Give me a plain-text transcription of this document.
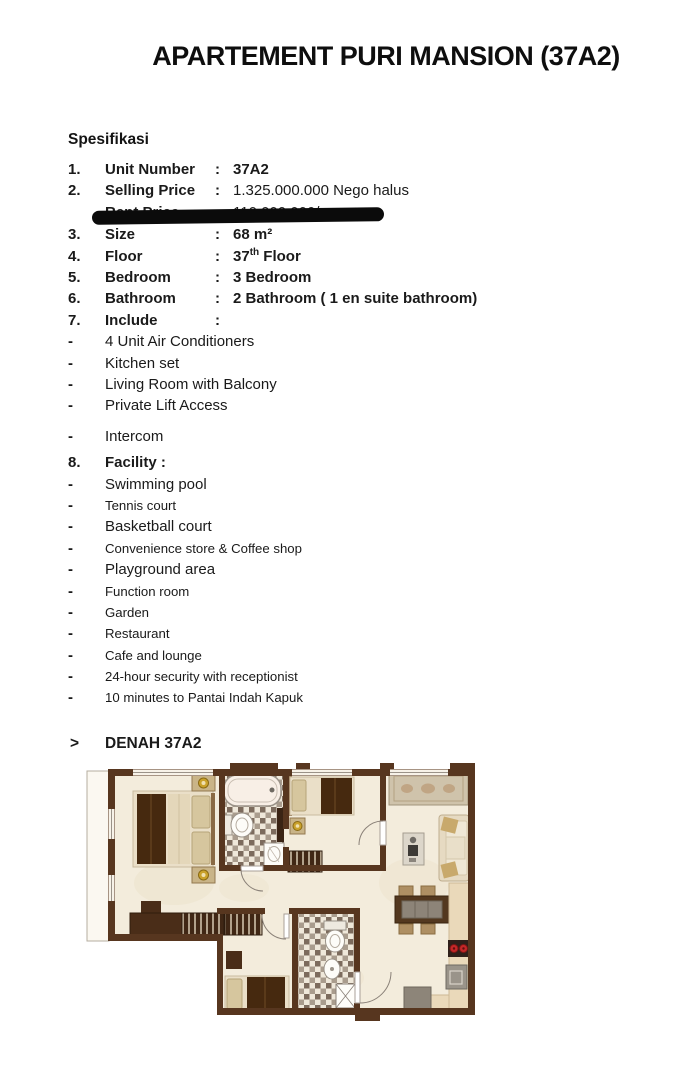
APARTEMENT PURI MANSION (37A2)
Spesifikasi
1.	Unit Number	: 37A2
2.	Selling Price	: 1.325.000.000 Nego halus
3.	Size	: 68 m²
4.	Floor	: 37th Floor
5.	Bedroom	: 3 Bedroom
6.	Bathroom	: 2 Bathroom ( 1 en suite bathroom)
7.	Include	:
-	4 Unit Air Conditioners
-	Kitchen set
-	Living Room with Balcony
-	Private Lift Access
-	Intercom
8.	Facility :
-	Swimming pool
-	Tennis court
-	Basketball court
-	Convenience store & Coffee shop
-	Playground area
-	Function room
-	Garden
-	Restaurant
-	Cafe and lounge
-	24-hour security with receptionist
-	10 minutes to Pantai Indah Kapuk
>	DENAH 37A2
